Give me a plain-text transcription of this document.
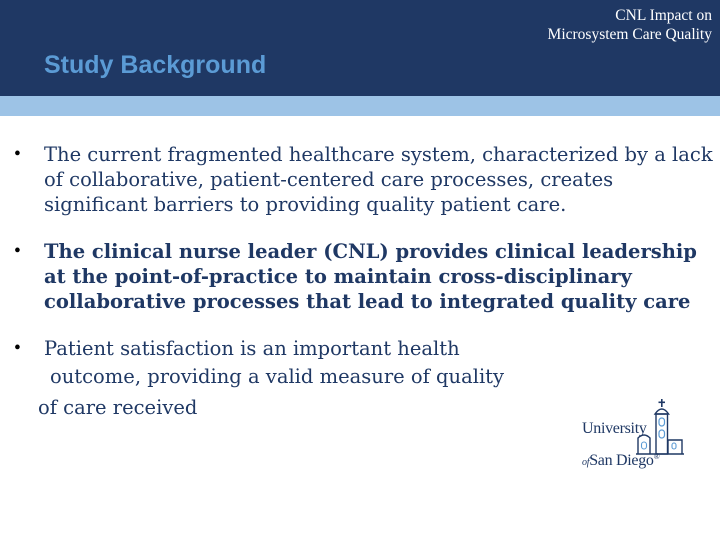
Study Background
CNL Impact on
Microsystem Care Quality
• The current fragmented healthcare system, characterized by a lack of collaborative, patient-centered care processes, creates significant barriers to providing quality patient care.
• The clinical nurse leader (CNL) provides clinical leadership at the point-of-practice to maintain cross-disciplinary collaborative processes that lead to integrated quality care
• Patient satisfaction is an important health
outcome, providing a valid measure of quality
of care received
University
ofSan Diego®
